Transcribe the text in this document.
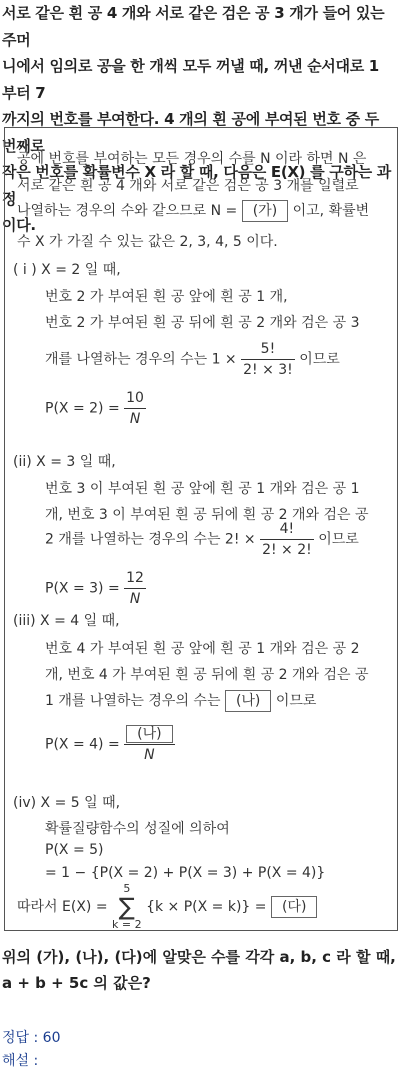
서로 같은 흰 공 4 개와 서로 같은 검은 공 3 개가 들어 있는 주머
니에서 임의로 공을 한 개씩 모두 꺼낼 때, 꺼낸 순서대로 1 부터 7
까지의 번호를 부여한다. 4 개의 흰 공에 부여된 번호 중 두 번째로
작은 번호를 확률변수 X 라 할 때, 다음은 E(X) 를 구하는 과정
이다.
공에 번호를 부여하는 모든 경우의 수를 N 이라 하면 N 은
서로 같은 흰 공 4 개와 서로 같은 검은 공 3 개를 일렬로
나열하는 경우의 수와 같으므로 N = (가) 이고, 확률변
수 X 가 가질 수 있는 값은 2, 3, 4, 5 이다.
( i ) X = 2 일 때,
번호 2 가 부여된 흰 공 앞에 흰 공 1 개,
번호 2 가 부여된 흰 공 뒤에 흰 공 2 개와 검은 공 3
개를 나열하는 경우의 수는 $1 \times \frac{5!}{2! \times 3!}$ 이므로
$P(X = 2) = \frac{10}{N}$
(ii) X = 3 일 때,
번호 3 이 부여된 흰 공 앞에 흰 공 1 개와 검은 공 1
개, 번호 3 이 부여된 흰 공 뒤에 흰 공 2 개와 검은 공
2 개를 나열하는 경우의 수는 2! × $\frac{4!}{2! \times 2!}$ 이므로
$P(X = 3) = \frac{12}{N}$
(iii) X = 4 일 때,
번호 4 가 부여된 흰 공 앞에 흰 공 1 개와 검은 공 2
개, 번호 4 가 부여된 흰 공 뒤에 흰 공 2 개와 검은 공
1 개를 나열하는 경우의 수는 (나) 이므로
$P(X = 4) = \frac{\text{(나)}}{N}$
(iv) X = 5 일 때,
확률질량함수의 성질에 의하여
P(X = 5)
= 1 − {P(X = 2) + P(X = 3) + P(X = 4)}
따라서 E(X) =
5
∑
k = 2
{k × P(X = k)} = (다)
위의 (가), (나), (다)에 알맞은 수를 각각 a, b, c 라 할 때,
a + b + 5c 의 값은?
정답 : 60
해설 :
